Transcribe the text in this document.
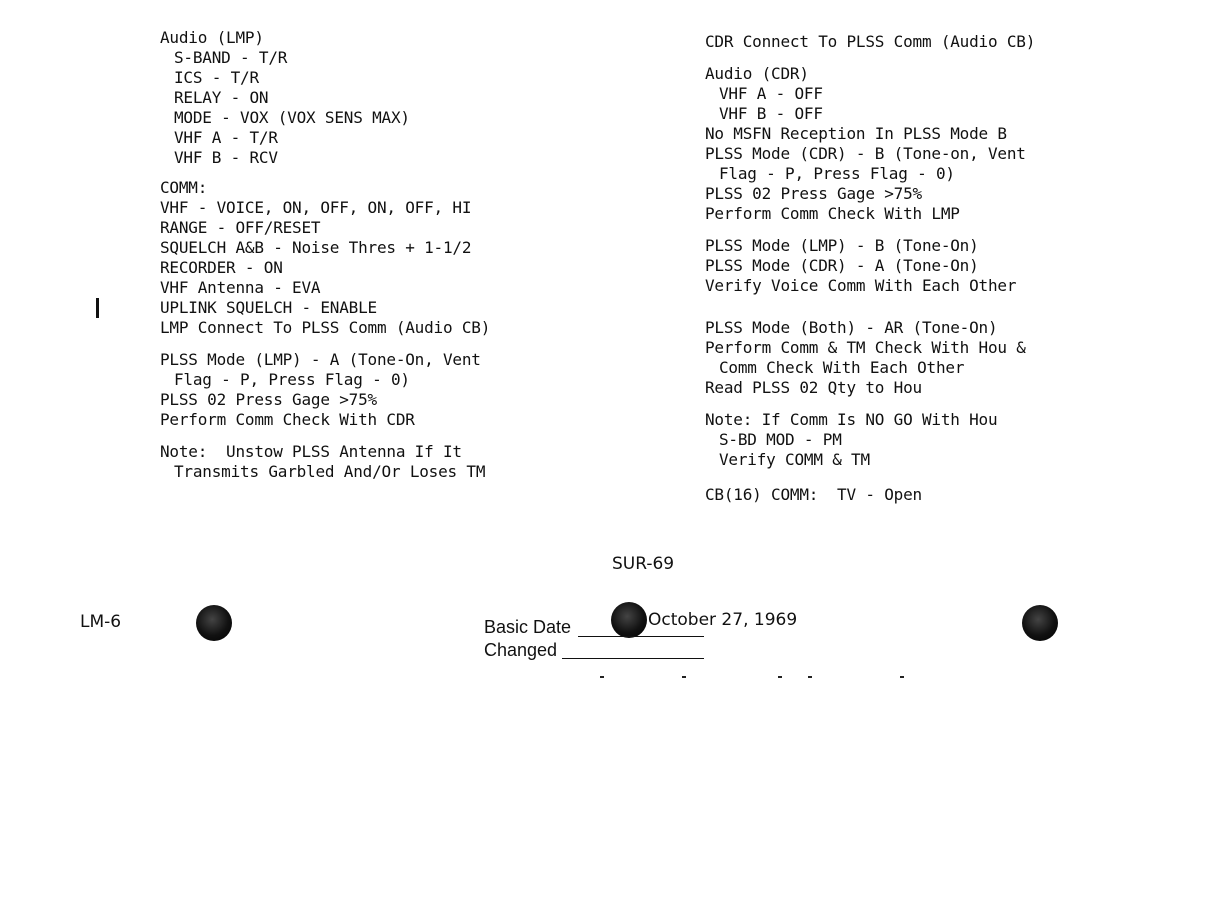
Audio (LMP)
S-BAND - T/R
ICS - T/R
RELAY - ON
MODE - VOX (VOX SENS MAX)
VHF A - T/R
VHF B - RCV
COMM:
VHF - VOICE, ON, OFF, ON, OFF, HI
RANGE - OFF/RESET
SQUELCH A&B - Noise Thres + 1-1/2
RECORDER - ON
VHF Antenna - EVA
UPLINK SQUELCH - ENABLE
LMP Connect To PLSS Comm (Audio CB)
PLSS Mode (LMP) - A (Tone-On, Vent
Flag - P, Press Flag - 0)
PLSS 02 Press Gage >75%
Perform Comm Check With CDR
Note:  Unstow PLSS Antenna If It
Transmits Garbled And/Or Loses TM
CDR Connect To PLSS Comm (Audio CB)
Audio (CDR)
VHF A - OFF
VHF B - OFF
No MSFN Reception In PLSS Mode B
PLSS Mode (CDR) - B (Tone-on, Vent
Flag - P, Press Flag - 0)
PLSS 02 Press Gage >75%
Perform Comm Check With LMP
PLSS Mode (LMP) - B (Tone-On)
PLSS Mode (CDR) - A (Tone-On)
Verify Voice Comm With Each Other
PLSS Mode (Both) - AR (Tone-On)
Perform Comm & TM Check With Hou &
Comm Check With Each Other
Read PLSS 02 Qty to Hou
Note: If Comm Is NO GO With Hou
S-BD MOD - PM
Verify COMM & TM
CB(16) COMM:  TV - Open
SUR-69
LM-6	Basic Date	October 27, 1969
Changed
